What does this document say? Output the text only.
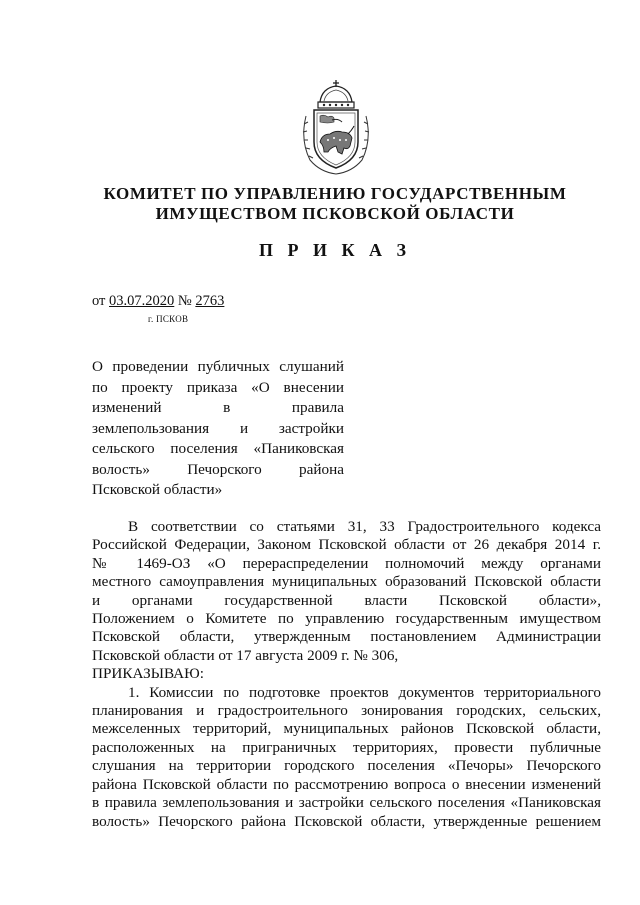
КОМИТЕТ ПО УПРАВЛЕНИЮ ГОСУДАРСТВЕННЫМ
ИМУЩЕСТВОМ ПСКОВСКОЙ ОБЛАСТИ
П Р И К А З
от 03.07.2020 № 2763
г. ПСКОВ
О проведении публичных слушаний
по проекту приказа «О внесении
изменений в правила
землепользования и застройки
сельского поселения «Паниковская
волость» Печорского района
Псковской области»
В соответствии со статьями 31, 33 Градостроительного кодекса
Российской Федерации, Законом Псковской области от 26 декабря 2014 г.
№ 1469-ОЗ «О перераспределении полномочий между органами
местного самоуправления муниципальных образований Псковской области
и органами государственной власти Псковской области»,
Положением о Комитете по управлению государственным имуществом
Псковской области, утвержденным постановлением Администрации
Псковской области от 17 августа 2009 г. № 306,
ПРИКАЗЫВАЮ:
1. Комиссии по подготовке проектов документов территориального
планирования и градостроительного зонирования городских, сельских,
межселенных территорий, муниципальных районов Псковской области,
расположенных на приграничных территориях, провести публичные
слушания на территории городского поселения «Печоры» Печорского
района Псковской области по рассмотрению вопроса о внесении изменений
в правила землепользования и застройки сельского поселения «Паниковская
волость» Печорского района Псковской области, утвержденные решением
